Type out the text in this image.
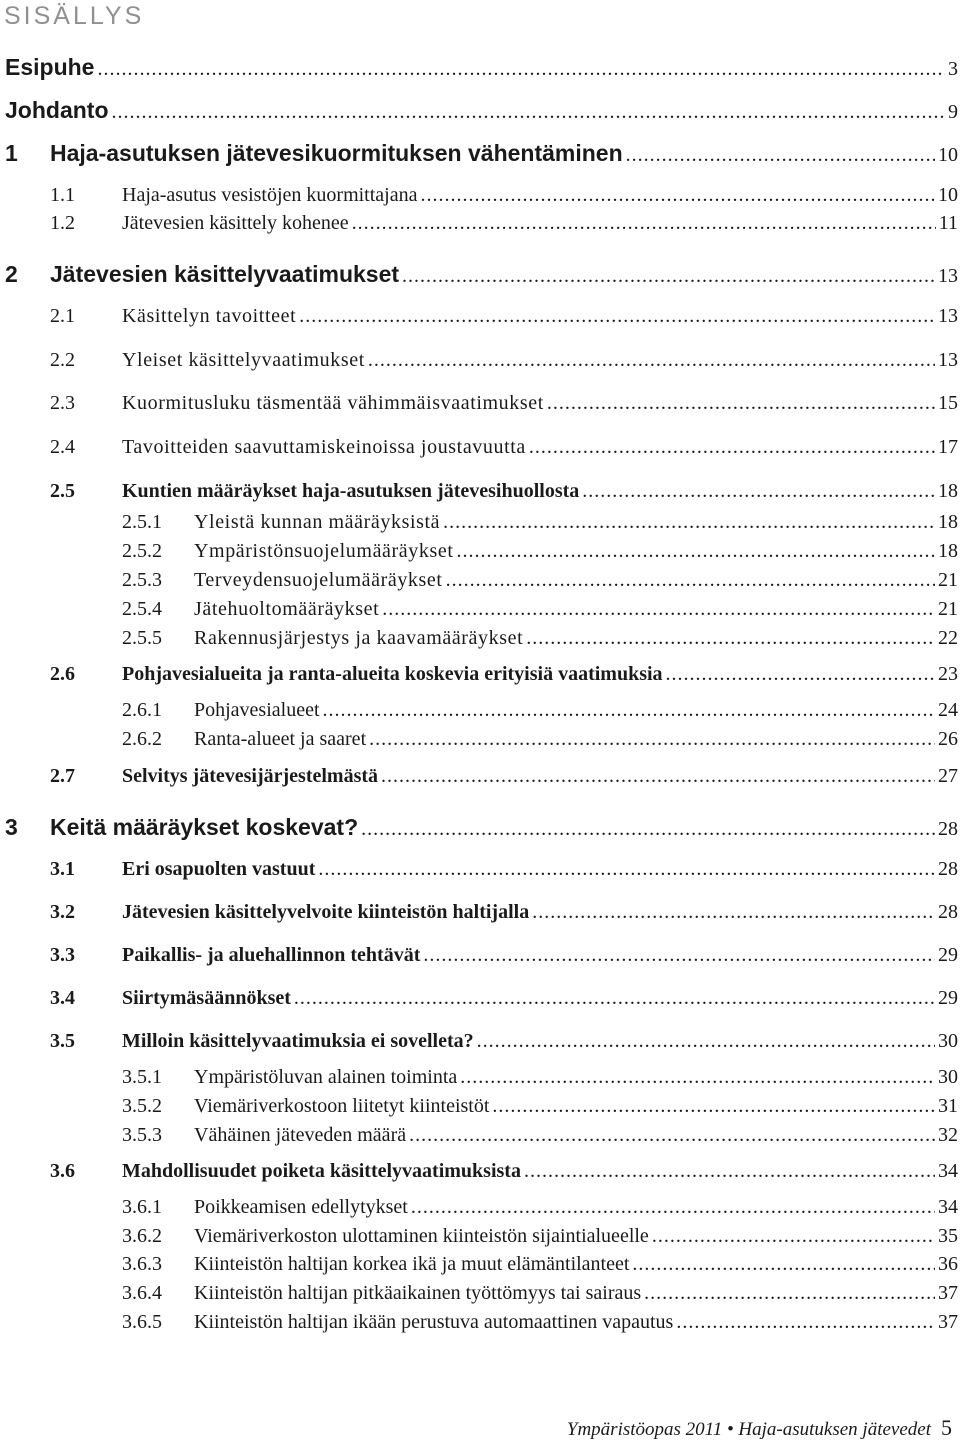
SISÄLLYS
Esipuhe .....	3
Johdanto .....	9
1	Haja-asutuksen jätevesikuormituksen vähentäminen .....	10
1.1	Haja-asutus vesistöjen kuormittajana .....	10
1.2	Jätevesien käsittely kohenee .....	11
2	Jätevesien käsittelyvaatimukset .....	13
2.1	Käsittelyn tavoitteet .....	13
2.2	Yleiset käsittelyvaatimukset .....	13
2.3	Kuormitusluku täsmentää vähimmäisvaatimukset .....	15
2.4	Tavoitteiden saavuttamiskeinoissa joustavuutta .....	17
2.5	Kuntien määräykset haja-asutuksen jätevesihuollosta .....	18
2.5.1	Yleistä kunnan määräyksistä .....	18
2.5.2	Ympäristönsuojelumääräykset .....	18
2.5.3	Terveydensuojelumääräykset .....	21
2.5.4	Jätehuoltomääräykset .....	21
2.5.5	Rakennusjärjestys ja kaavamääräykset .....	22
2.6	Pohjavesialueita ja ranta-alueita koskevia erityisiä vaatimuksia .....	23
2.6.1	Pohjavesialueet .....	24
2.6.2	Ranta-alueet ja saaret .....	26
2.7	Selvitys jätevesijärjestelmästä .....	27
3	Keitä määräykset koskevat? .....	28
3.1	Eri osapuolten vastuut .....	28
3.2	Jätevesien käsittelyvelvoite kiinteistön haltijalla .....	28
3.3	Paikallis- ja aluehallinnon tehtävät .....	29
3.4	Siirtymäsäännökset .....	29
3.5	Milloin käsittelyvaatimuksia ei sovelleta? .....	30
3.5.1	Ympäristöluvan alainen toiminta .....	30
3.5.2	Viemäriverkostoon liitetyt kiinteistöt .....	31
3.5.3	Vähäinen jäteveden määrä .....	32
3.6	Mahdollisuudet poiketa käsittelyvaatimuksista .....	34
3.6.1	Poikkeamisen edellytykset .....	34
3.6.2	Viemäriverkoston ulottaminen kiinteistön sijaintialueelle .....	35
3.6.3	Kiinteistön haltijan korkea ikä ja muut elämäntilanteet .....	36
3.6.4	Kiinteistön haltijan pitkäaikainen työttömyys tai sairaus .....	37
3.6.5	Kiinteistön haltijan ikään perustuva automaattinen vapautus .....	37
Ympäristöopas 2011 • Haja-asutuksen jätevedet 5
